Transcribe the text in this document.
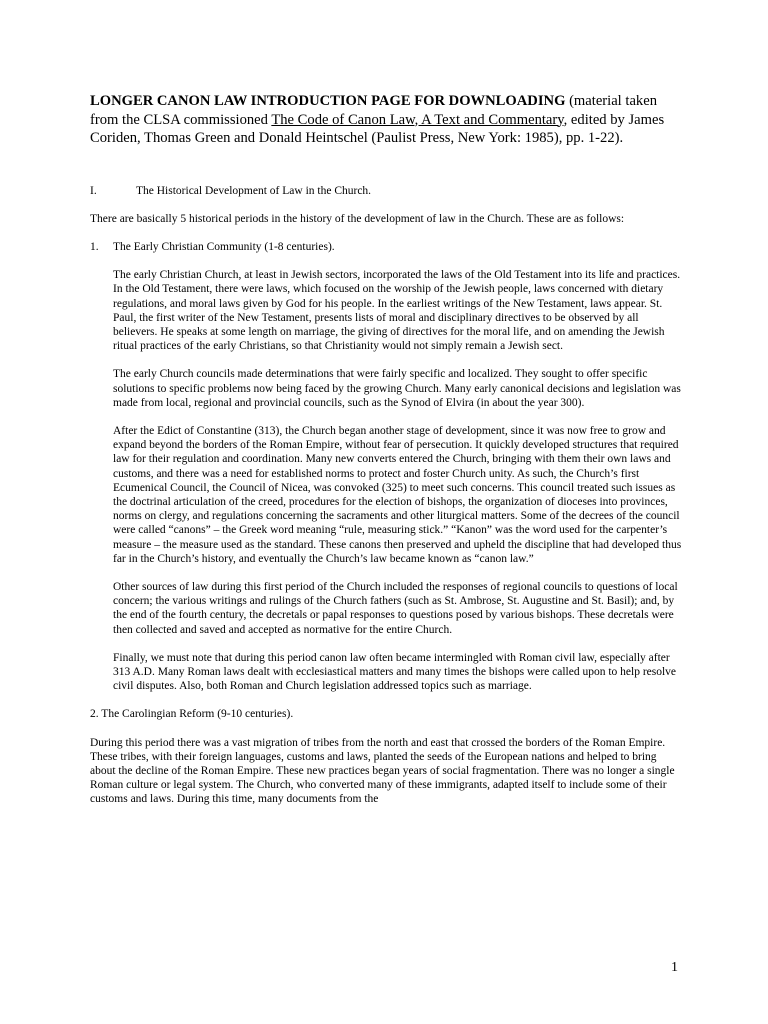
LONGER CANON LAW INTRODUCTION PAGE FOR DOWNLOADING (material taken from the CLSA commissioned The Code of Canon Law, A Text and Commentary, edited by James Coriden, Thomas Green and Donald Heintschel (Paulist Press, New York: 1985), pp. 1-22).

I.	The Historical Development of Law in the Church.

There are basically 5 historical periods in the history of the development of law in the Church. These are as follows:

1.	The Early Christian Community (1-8 centuries).

The early Christian Church, at least in Jewish sectors, incorporated the laws of the Old Testament into its life and practices. In the Old Testament, there were laws, which focused on the worship of the Jewish people, laws concerned with dietary regulations, and moral laws given by God for his people. In the earliest writings of the New Testament, laws appear. St. Paul, the first writer of the New Testament, presents lists of moral and disciplinary directives to be observed by all believers. He speaks at some length on marriage, the giving of directives for the moral life, and on amending the Jewish ritual practices of the early Christians, so that Christianity would not simply remain a Jewish sect.

The early Church councils made determinations that were fairly specific and localized. They sought to offer specific solutions to specific problems now being faced by the growing Church. Many early canonical decisions and legislation was made from local, regional and provincial councils, such as the Synod of Elvira (in about the year 300).

After the Edict of Constantine (313), the Church began another stage of development, since it was now free to grow and expand beyond the borders of the Roman Empire, without fear of persecution. It quickly developed structures that required law for their regulation and coordination. Many new converts entered the Church, bringing with them their own laws and customs, and there was a need for established norms to protect and foster Church unity. As such, the Church’s first Ecumenical Council, the Council of Nicea, was convoked (325) to meet such concerns. This council treated such issues as the doctrinal articulation of the creed, procedures for the election of bishops, the organization of dioceses into provinces, norms on clergy, and regulations concerning the sacraments and other liturgical matters. Some of the decrees of the council were called “canons” – the Greek word meaning “rule, measuring stick.” “Kanon” was the word used for the carpenter’s measure – the measure used as the standard. These canons then preserved and upheld the discipline that had developed thus far in the Church’s history, and eventually the Church’s law became known as “canon law.”

Other sources of law during this first period of the Church included the responses of regional councils to questions of local concern; the various writings and rulings of the Church fathers (such as St. Ambrose, St. Augustine and St. Basil); and, by the end of the fourth century, the decretals or papal responses to questions posed by various bishops. These decretals were then collected and saved and accepted as normative for the entire Church.

Finally, we must note that during this period canon law often became intermingled with Roman civil law, especially after 313 A.D. Many Roman laws dealt with ecclesiastical matters and many times the bishops were called upon to help resolve civil disputes. Also, both Roman and Church legislation addressed topics such as marriage.

2. The Carolingian Reform (9-10 centuries).

During this period there was a vast migration of tribes from the north and east that crossed the borders of the Roman Empire. These tribes, with their foreign languages, customs and laws, planted the seeds of the European nations and helped to bring about the decline of the Roman Empire. These new practices began years of social fragmentation. There was no longer a single Roman culture or legal system. The Church, who converted many of these immigrants, adapted itself to include some of their customs and laws. During this time, many documents from the

1
